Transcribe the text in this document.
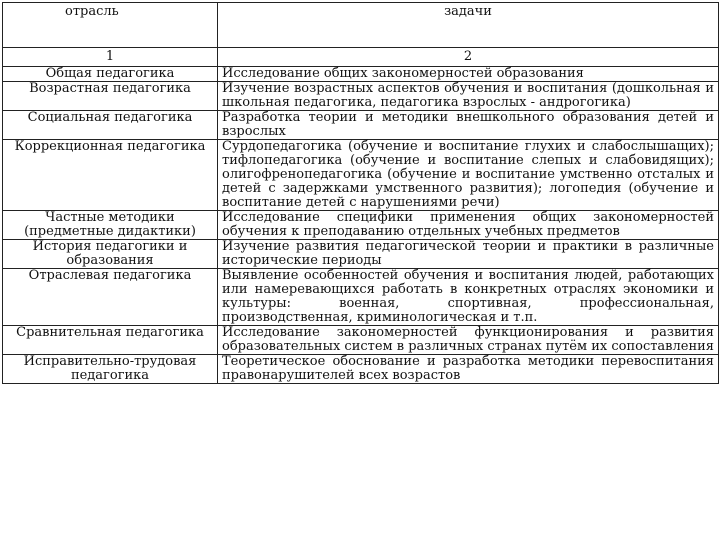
отрасль	задачи
1	2
Общая педагогика	Исследование общих закономерностей образования
Возрастная педагогика	Изучение возрастных аспектов обучения и воспитания (дошкольная и школьная педагогика, педагогика взрослых - андрогогика)
Социальная педагогика	Разработка теории и методики внешкольного образования детей и взрослых
Коррекционная педагогика	Сурдопедагогика (обучение и воспитание глухих и слабослышащих); тифлопедагогика (обучение и воспитание слепых и слабовидящих); олигофренопедагогика (обучение и воспитание умственно отсталых и детей с задержками умственного развития); логопедия (обучение и воспитание детей с нарушениями речи)
Частные методики (предметные дидактики)	Исследование специфики применения общих закономерностей обучения к преподаванию отдельных учебных предметов
История педагогики и образования	Изучение развития педагогической теории и практики в различные исторические периоды
Отраслевая педагогика	Выявление особенностей обучения и воспитания людей, работающих или намеревающихся работать в конкретных отраслях экономики и культуры: военная, спортивная, профессиональная, производственная, криминологическая и т.п.
Сравнительная педагогика	Исследование закономерностей функционирования и развития образовательных систем в различных странах путём их сопоставления
Исправительно-трудовая педагогика	Теоретическое обоснование и разработка методики перевоспитания правонарушителей всех возрастов
